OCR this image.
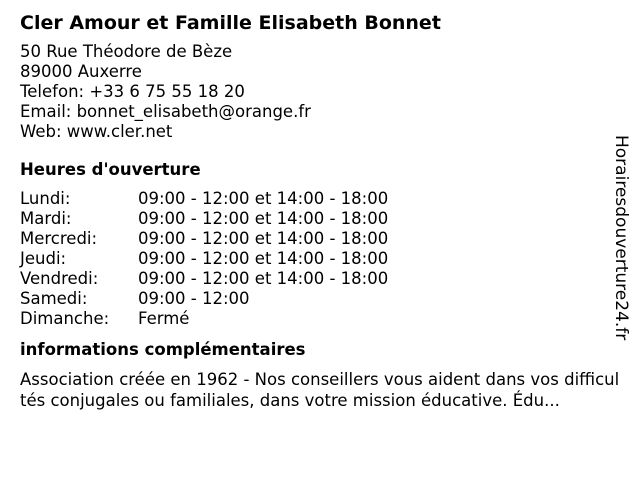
Cler Amour et Famille Elisabeth Bonnet
50 Rue Théodore de Bèze
89000 Auxerre
Telefon: +33 6 75 55 18 20
Email: bonnet_elisabeth@orange.fr
Web: www.cler.net
Heures d'ouverture
Lundi:	09:00 - 12:00 et 14:00 - 18:00
Mardi:	09:00 - 12:00 et 14:00 - 18:00
Mercredi:	09:00 - 12:00 et 14:00 - 18:00
Jeudi:	09:00 - 12:00 et 14:00 - 18:00
Vendredi:	09:00 - 12:00 et 14:00 - 18:00
Samedi:	09:00 - 12:00
Dimanche:	Fermé
informations complémentaires
Association créée en 1962 - Nos conseillers vous aident dans vos difficultés conjugales ou familiales, dans votre mission éducative. Édu...
Horairesdouverture24.fr
